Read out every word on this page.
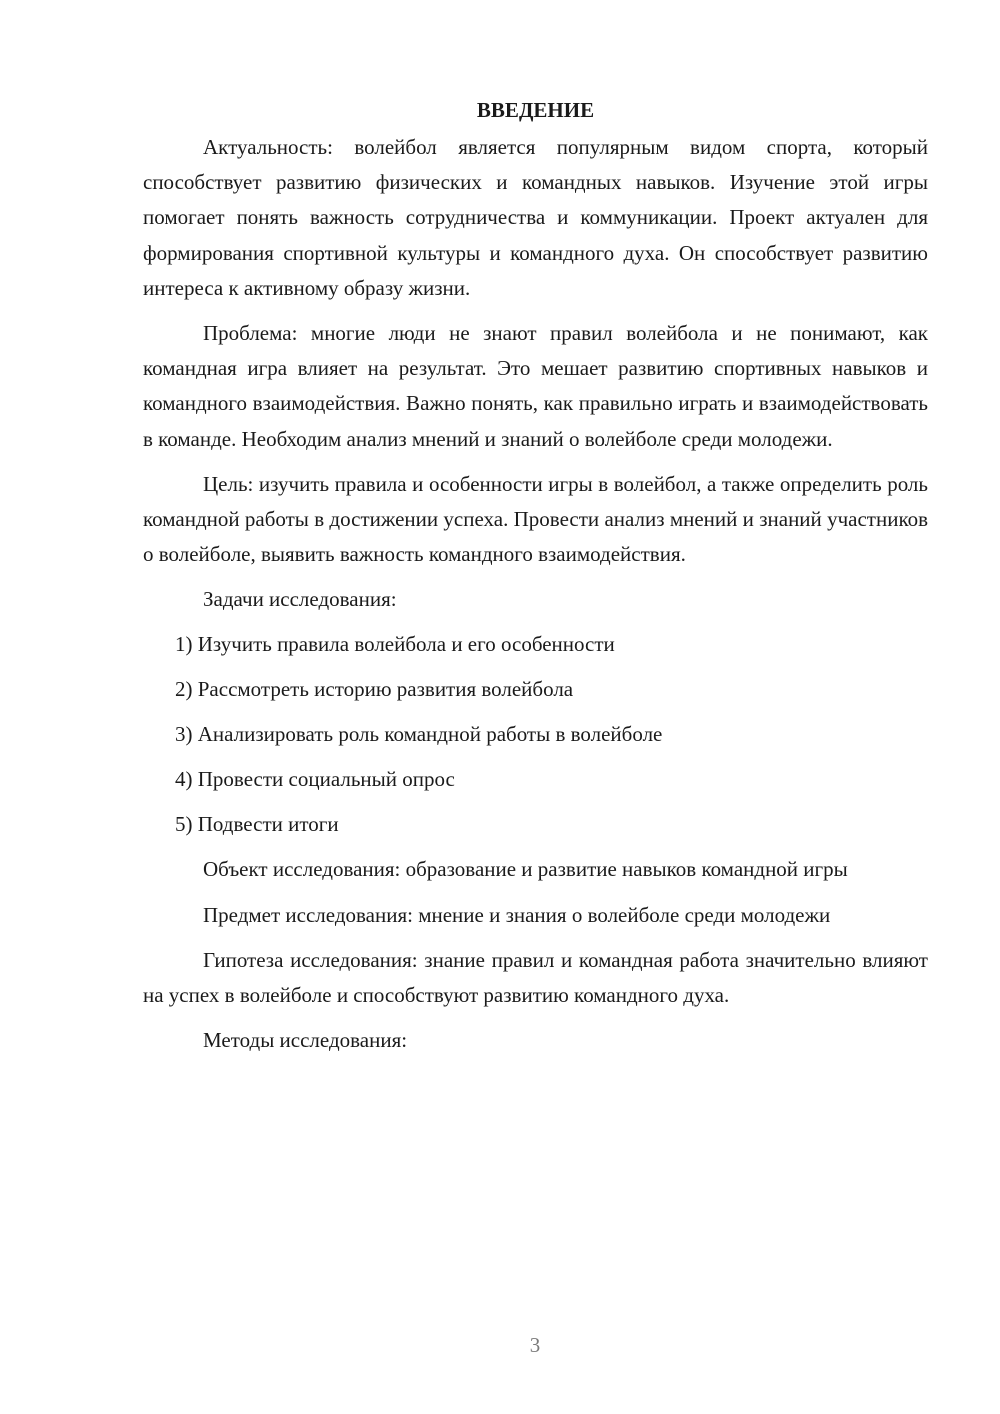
ВВЕДЕНИЕ

Актуальность: волейбол является популярным видом спорта, который способствует развитию физических и командных навыков. Изучение этой игры помогает понять важность сотрудничества и коммуникации. Проект актуален для формирования спортивной культуры и командного духа. Он способствует развитию интереса к активному образу жизни.

Проблема: многие люди не знают правил волейбола и не понимают, как командная игра влияет на результат. Это мешает развитию спортивных навыков и командного взаимодействия. Важно понять, как правильно играть и взаимодействовать в команде. Необходим анализ мнений и знаний о волейболе среди молодежи.

Цель: изучить правила и особенности игры в волейбол, а также определить роль командной работы в достижении успеха. Провести анализ мнений и знаний участников о волейболе, выявить важность командного взаимодействия.

Задачи исследования:

1) Изучить правила волейбола и его особенности
2) Рассмотреть историю развития волейбола
3) Анализировать роль командной работы в волейболе
4) Провести социальный опрос
5) Подвести итоги

Объект исследования: образование и развитие навыков командной игры

Предмет исследования: мнение и знания о волейболе среди молодежи

Гипотеза исследования: знание правил и командная работа значительно влияют на успех в волейболе и способствуют развитию командного духа.

Методы исследования:

3
